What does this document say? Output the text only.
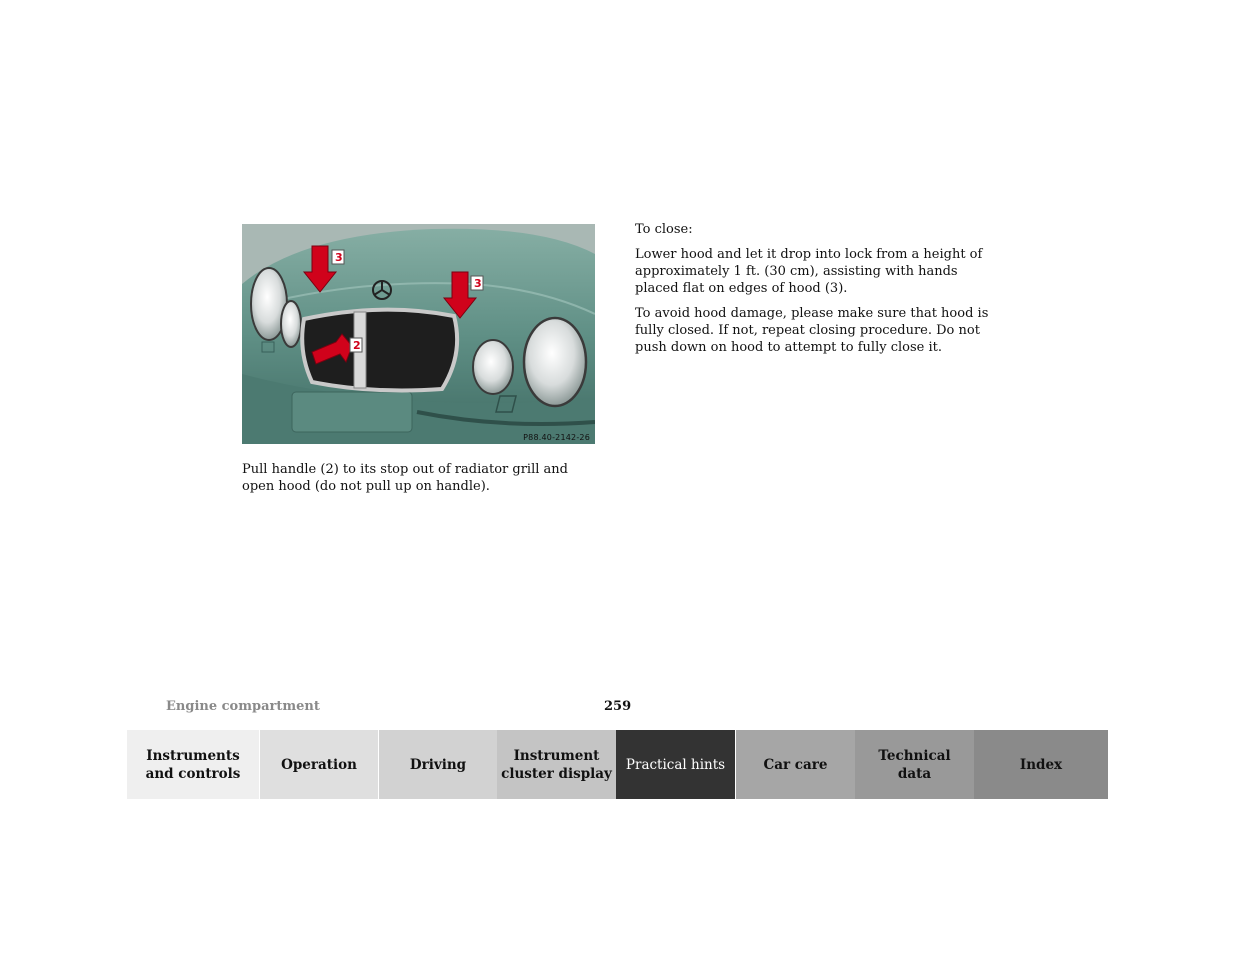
3
3
2
P88.40-2142-26
Pull handle (2) to its stop out of radiator grill and open hood (do not pull up on handle).

To close:

Lower hood and let it drop into lock from a height of approximately 1 ft. (30 cm), assisting with hands placed flat on edges of hood (3).

To avoid hood damage, please make sure that hood is fully closed. If not, repeat closing procedure. Do not push down on hood to attempt to fully close it.

Engine compartment	259
Instruments
and controls
Operation	Driving
Instrument
cluster display
Practical hints	Car care
Technical
data
Index
